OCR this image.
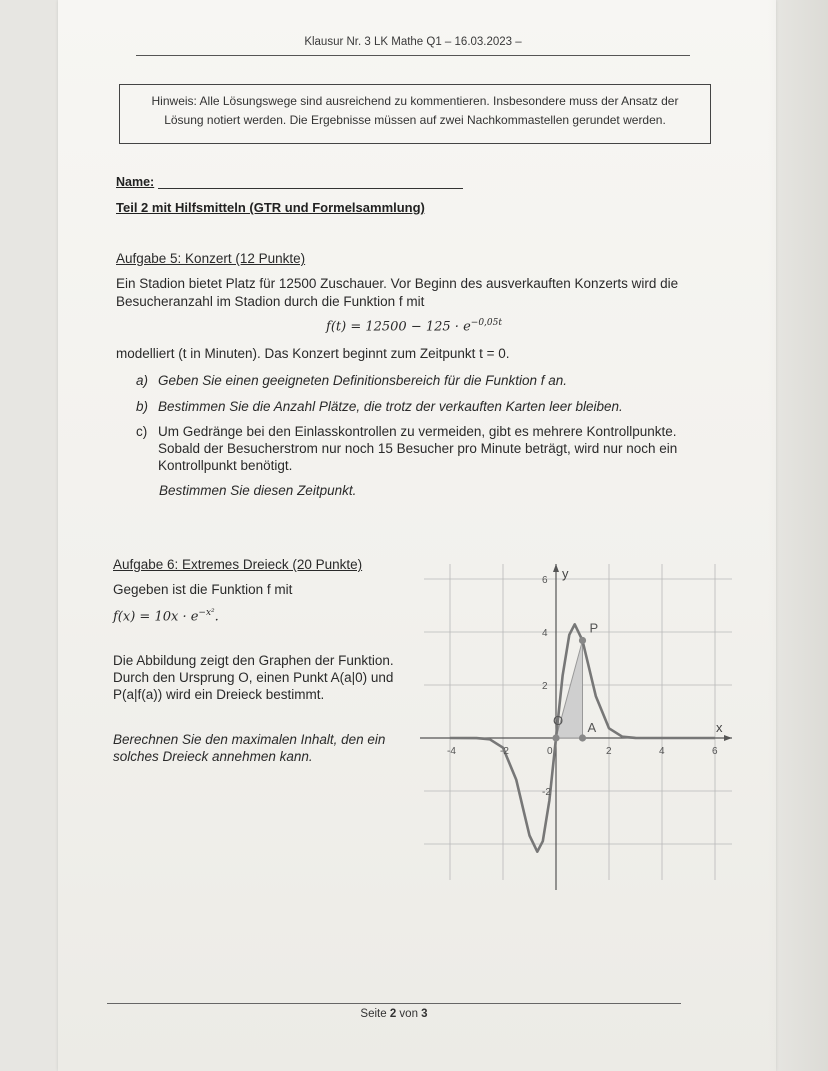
Klausur Nr. 3 LK Mathe Q1 – 16.03.2023 –
Hinweis: Alle Lösungswege sind ausreichend zu kommentieren. Insbesondere muss der Ansatz der Lösung notiert werden. Die Ergebnisse müssen auf zwei Nachkommastellen gerundet werden.
Name:
Teil 2 mit Hilfsmitteln (GTR und Formelsammlung)
Aufgabe 5: Konzert (12 Punkte)
Ein Stadion bietet Platz für 12500 Zuschauer. Vor Beginn des ausverkauften Konzerts wird die Besucheranzahl im Stadion durch die Funktion f mit
$f(t) = 12500 - 125 \cdot e^{-0,05t}$
modelliert (t in Minuten). Das Konzert beginnt zum Zeitpunkt t = 0.
a) Geben Sie einen geeigneten Definitionsbereich für die Funktion f an.
b) Bestimmen Sie die Anzahl Plätze, die trotz der verkauften Karten leer bleiben.
c) Um Gedränge bei den Einlasskontrollen zu vermeiden, gibt es mehrere Kontrollpunkte. Sobald der Besucherstrom nur noch 15 Besucher pro Minute beträgt, wird nur noch ein Kontrollpunkt benötigt.
Bestimmen Sie diesen Zeitpunkt.
Aufgabe 6: Extremes Dreieck (20 Punkte)
Gegeben ist die Funktion f mit
$f(x) = 10x \cdot e^{-x^2}$.
Die Abbildung zeigt den Graphen der Funktion.
Durch den Ursprung O, einen Punkt A(a|0) und P(a|f(a)) wird ein Dreieck bestimmt.
Berechnen Sie den maximalen Inhalt, den ein solches Dreieck annehmen kann.	-4	-2	0	2	4	6
6
4
2
-2
x
y
O A
P
Seite 2 von 3
